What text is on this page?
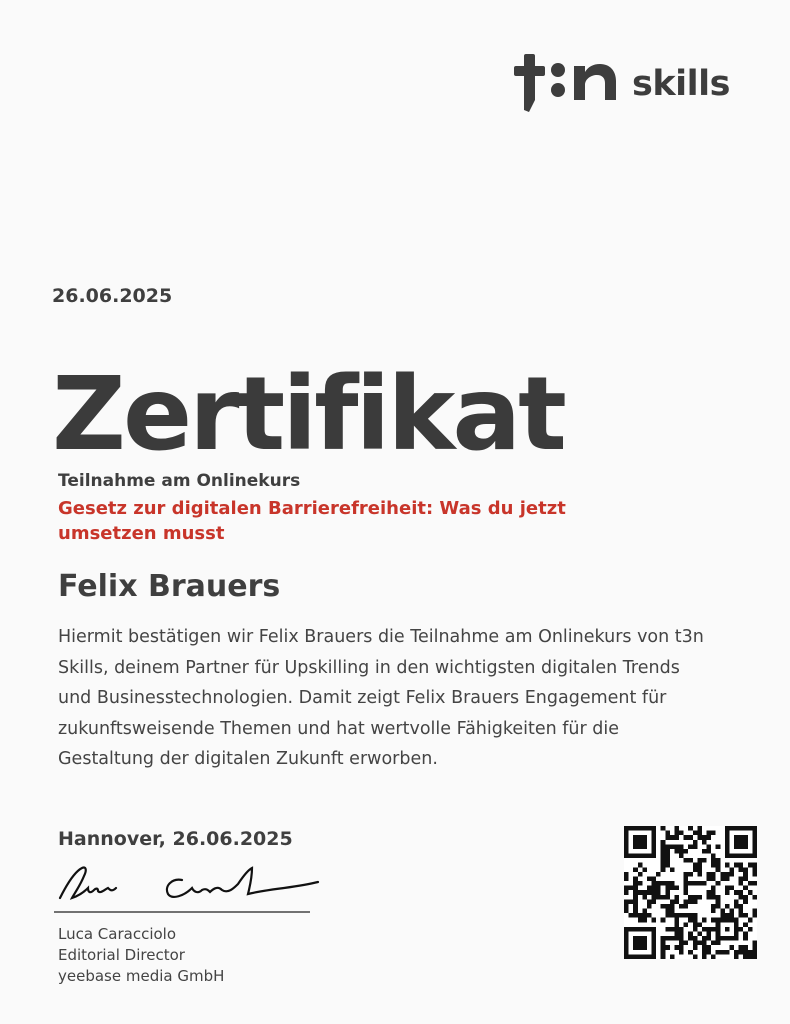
skills
26.06.2025
Zertifikat
Teilnahme am Onlinekurs
Gesetz zur digitalen Barrierefreiheit: Was du jetzt umsetzen musst
Felix Brauers
Hiermit bestätigen wir Felix Brauers die Teilnahme am Onlinekurs von t3n Skills, deinem Partner für Upskilling in den wichtigsten digitalen Trends und Businesstechnologien. Damit zeigt Felix Brauers Engagement für zukunftsweisende Themen und hat wertvolle Fähigkeiten für die Gestaltung der digitalen Zukunft erworben.
Hannover, 26.06.2025
Luca Caracciolo
Editorial Director
yeebase media GmbH
